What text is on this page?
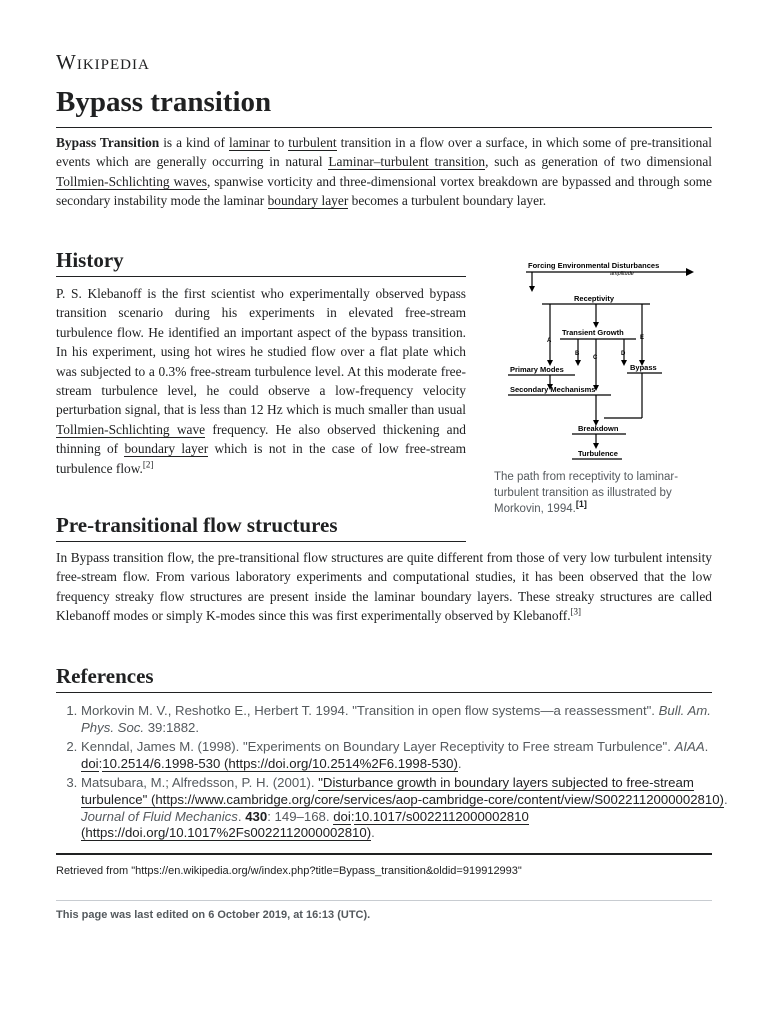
Wikipedia
Bypass transition

Bypass Transition is a kind of laminar to turbulent transition in a flow over a surface, in which some of pre-transitional events which are generally occurring in natural Laminar–turbulent transition, such as generation of two dimensional Tollmien-Schlichting waves, spanwise vorticity and three-dimensional vortex breakdown are bypassed and through some secondary instability mode the laminar boundary layer becomes a turbulent boundary layer.

History

P. S. Klebanoff is the first scientist who experimentally observed bypass transition scenario during his experiments in elevated free-stream turbulence flow. He identified an important aspect of the bypass transition. In his experiment, using hot wires he studied flow over a flat plate which was subjected to a 0.3% free-stream turbulence level. At this moderate free-stream turbulence level, he could observe a low-frequency velocity perturbation signal, that is less than 12 Hz which is much smaller than usual Tollmien-Schlichting wave frequency. He also observed thickening and thinning of boundary layer which is not in the case of low free-stream turbulence flow.[2]

Forcing Environmental Disturbances
amplitude
Receptivity
A	E
Transient Growth
B
C
D
Primary Modes	Bypass
Secondary Mechanisms
Breakdown
Turbulence
The path from receptivity to laminar-turbulent transition as illustrated by Morkovin, 1994.[1]
Pre-transitional flow structures

In Bypass transition flow, the pre-transitional flow structures are quite different from those of very low turbulent intensity free-stream flow. From various laboratory experiments and computational studies, it has been observed that the low frequency streaky flow structures are present inside the laminar boundary layers. These streaky structures are called Klebanoff modes or simply K-modes since this was first experimentally observed by Klebanoff.[3]

References
1. Morkovin M. V., Reshotko E., Herbert T. 1994. "Transition in open flow systems—a reassessment". Bull. Am. Phys. Soc. 39:1882.
2. Kenndal, James M. (1998). "Experiments on Boundary Layer Receptivity to Free stream Turbulence". AIAA. doi:10.2514/6.1998-530 (https://doi.org/10.2514%2F6.1998-530).
3. Matsubara, M.; Alfredsson, P. H. (2001). "Disturbance growth in boundary layers subjected to free-stream turbulence" (https://www.cambridge.org/core/services/aop-cambridge-core/content/view/S0022112000002810). Journal of Fluid Mechanics. 430: 149–168. doi:10.1017/s0022112000002810 (https://doi.org/10.1017%2Fs0022112000002810).
Retrieved from "https://en.wikipedia.org/w/index.php?title=Bypass_transition&oldid=919912993"
This page was last edited on 6 October 2019, at 16:13 (UTC).
